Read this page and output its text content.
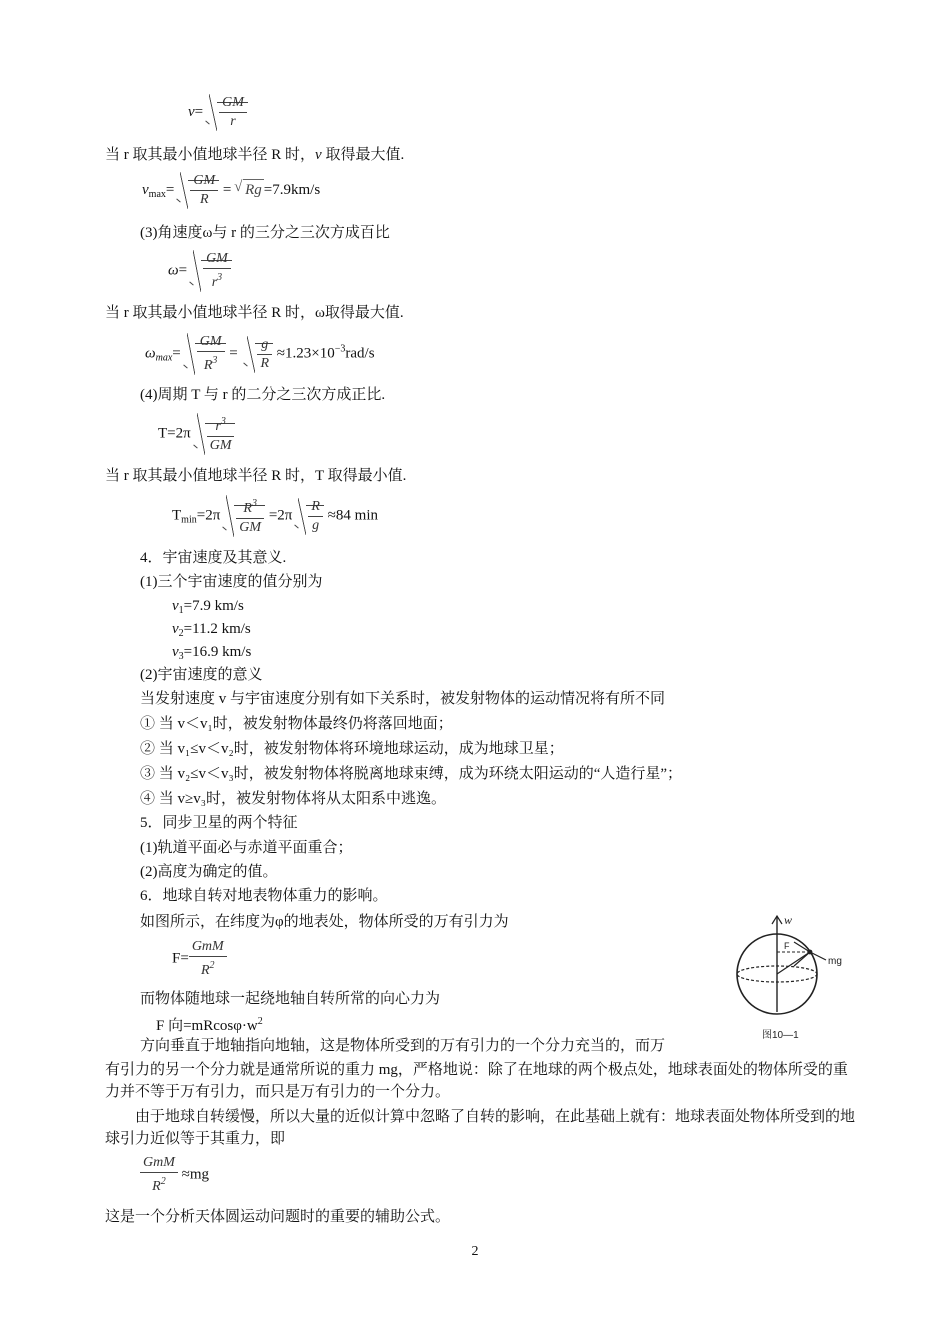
$v= \frac{GM}{r}$
当 r 取其最小值地球半径 R 时，v 取得最大值.
$v_{max}= \frac{GM}{R}$ = √ Rg =7.9km/s
(3)角速度ω与 r 的三分之三次方成百比
$\omega= \frac{GM}{r^3}$
当 r 取其最小值地球半径 R 时，ω取得最大值.
$\omega_{max}= \frac{GM}{R^3} = \frac{g}{R} \approx 1.23\times 10^{-3}rad/s$
(4)周期 T 与 r 的二分之三次方成正比.
$T=2\pi \frac{r^3}{GM}$
当 r 取其最小值地球半径 R 时，T 取得最小值.
$T_{min}=2\pi \frac{R^3}{GM} =2\pi \frac{R}{g} \approx 84$ min
4．宇宙速度及其意义.
(1)三个宇宙速度的值分别为
$v_1=7.9$ km/s
$v_2=11.2$ km/s
$v_3=16.9$ km/s
(2)宇宙速度的意义
当发射速度 v 与宇宙速度分别有如下关系时，被发射物体的运动情况将有所不同
① 当 v＜v₁时，被发射物体最终仍将落回地面；
② 当 v₁≤v＜v₂时，被发射物体将环境地球运动，成为地球卫星；
③ 当 v₂≤v＜v₃时，被发射物体将脱离地球束缚，成为环绕太阳运动的“人造行星”；
④ 当 v≥v₃时，被发射物体将从太阳系中逃逸。
5．同步卫星的两个特征
(1)轨道平面必与赤道平面重合；
(2)高度为确定的值。
6．地球自转对地表物体重力的影响。
如图所示，在纬度为φ的地表处，物体所受的万有引力为
$F= \frac{\text{GmM}}{R^2}$
而物体随地球一起绕地轴自转所常的向心力为
F 向$=mRcos\varphi\cdot w^2$
方向垂直于地轴指向地轴，这是物体所受到的万有引力的一个分力充当的，而万
有引力的另一个分力就是通常所说的重力 mg，严格地说：除了在地球的两个极点处，地球表面处的物体所受的重力并不等于万有引力，而只是万有引力的一个分力。
由于地球自转缓慢，所以大量的近似计算中忽略了自转的影响，在此基础上就有：地球表面处物体所受到的地球引力近似等于其重力，即
$\frac{\text{GmM}}{R^2} \approx mg$
这是一个分析天体圆运动问题时的重要的辅助公式。
w
F
mg
图10—1
2
